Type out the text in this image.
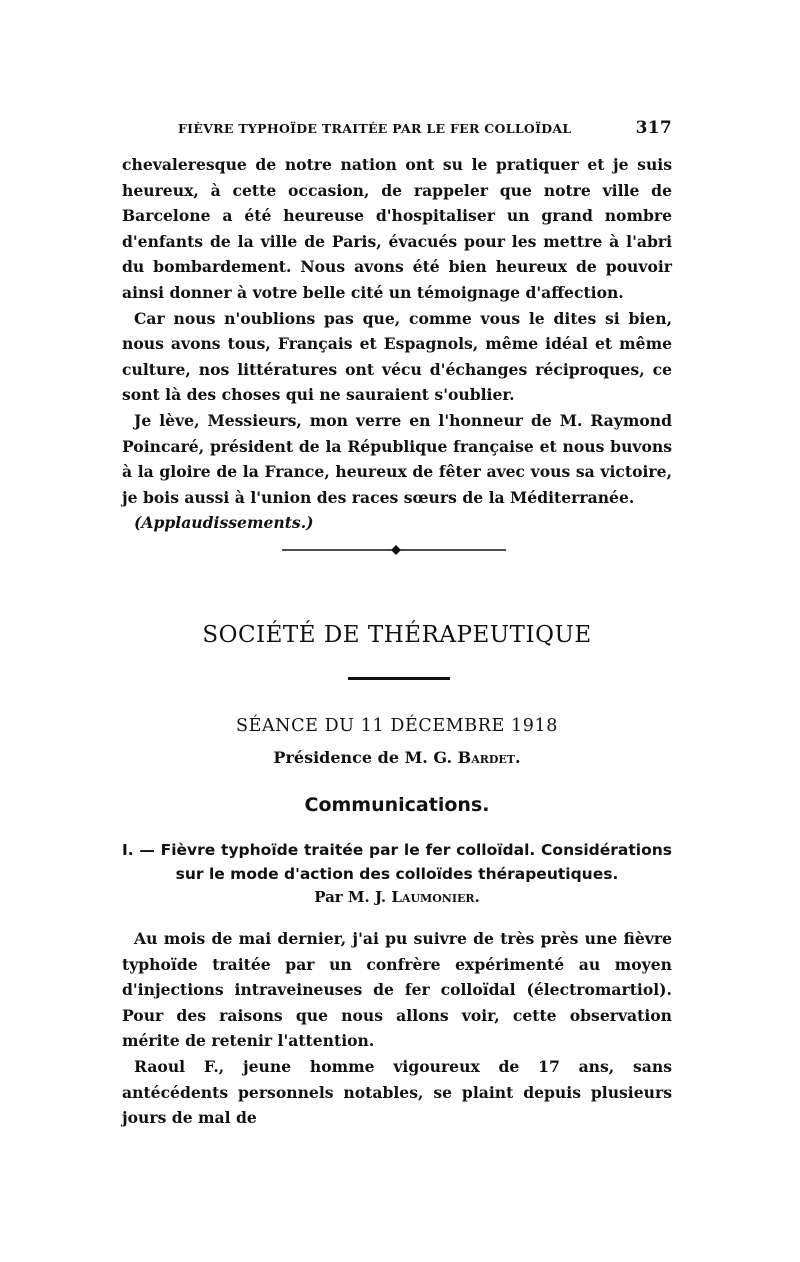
FIÈVRE TYPHOÏDE TRAITÉE PAR LE FER COLLOÏDAL	317

chevaleresque de notre nation ont su le pratiquer et je suis heureux, à cette occasion, de rappeler que notre ville de Barcelone a été heureuse d'hospitaliser un grand nombre d'enfants de la ville de Paris, évacués pour les mettre à l'abri du bombardement. Nous avons été bien heureux de pouvoir ainsi donner à votre belle cité un témoignage d'affection.

Car nous n'oublions pas que, comme vous le dites si bien, nous avons tous, Français et Espagnols, même idéal et même culture, nos littératures ont vécu d'échanges réciproques, ce sont là des choses qui ne sauraient s'oublier.

Je lève, Messieurs, mon verre en l'honneur de M. Raymond Poincaré, président de la République française et nous buvons à la gloire de la France, heureux de fêter avec vous sa victoire, je bois aussi à l'union des races sœurs de la Méditerranée.

(Applaudissements.)

SOCIÉTÉ DE THÉRAPEUTIQUE
SÉANCE DU 11 DÉCEMBRE 1918
Présidence de M. G. Bardet.
Communications.
I. — Fièvre typhoïde traitée par le fer colloïdal. Considérations
sur le mode d'action des colloïdes thérapeutiques.
Par M. J. Laumonier.

Au mois de mai dernier, j'ai pu suivre de très près une fièvre typhoïde traitée par un confrère expérimenté au moyen d'injections intraveineuses de fer colloïdal (électromartiol). Pour des raisons que nous allons voir, cette observation mérite de retenir l'attention.

Raoul F., jeune homme vigoureux de 17 ans, sans antécédents personnels notables, se plaint depuis plusieurs jours de mal de
